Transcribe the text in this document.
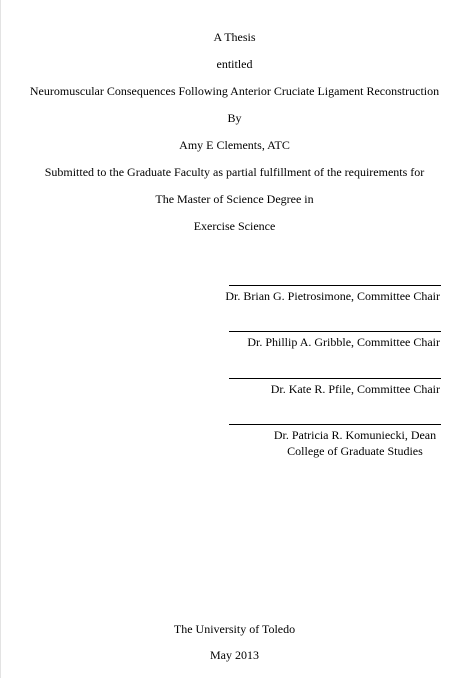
A Thesis
entitled
Neuromuscular Consequences Following Anterior Cruciate Ligament Reconstruction
By
Amy E Clements, ATC
Submitted to the Graduate Faculty as partial fulfillment of the requirements for
The Master of Science Degree in
Exercise Science
Dr. Brian G. Pietrosimone, Committee Chair
Dr. Phillip A. Gribble, Committee Chair
Dr. Kate R. Pfile, Committee Chair
Dr. Patricia R. Komuniecki, Dean
College of Graduate Studies
The University of Toledo
May 2013
